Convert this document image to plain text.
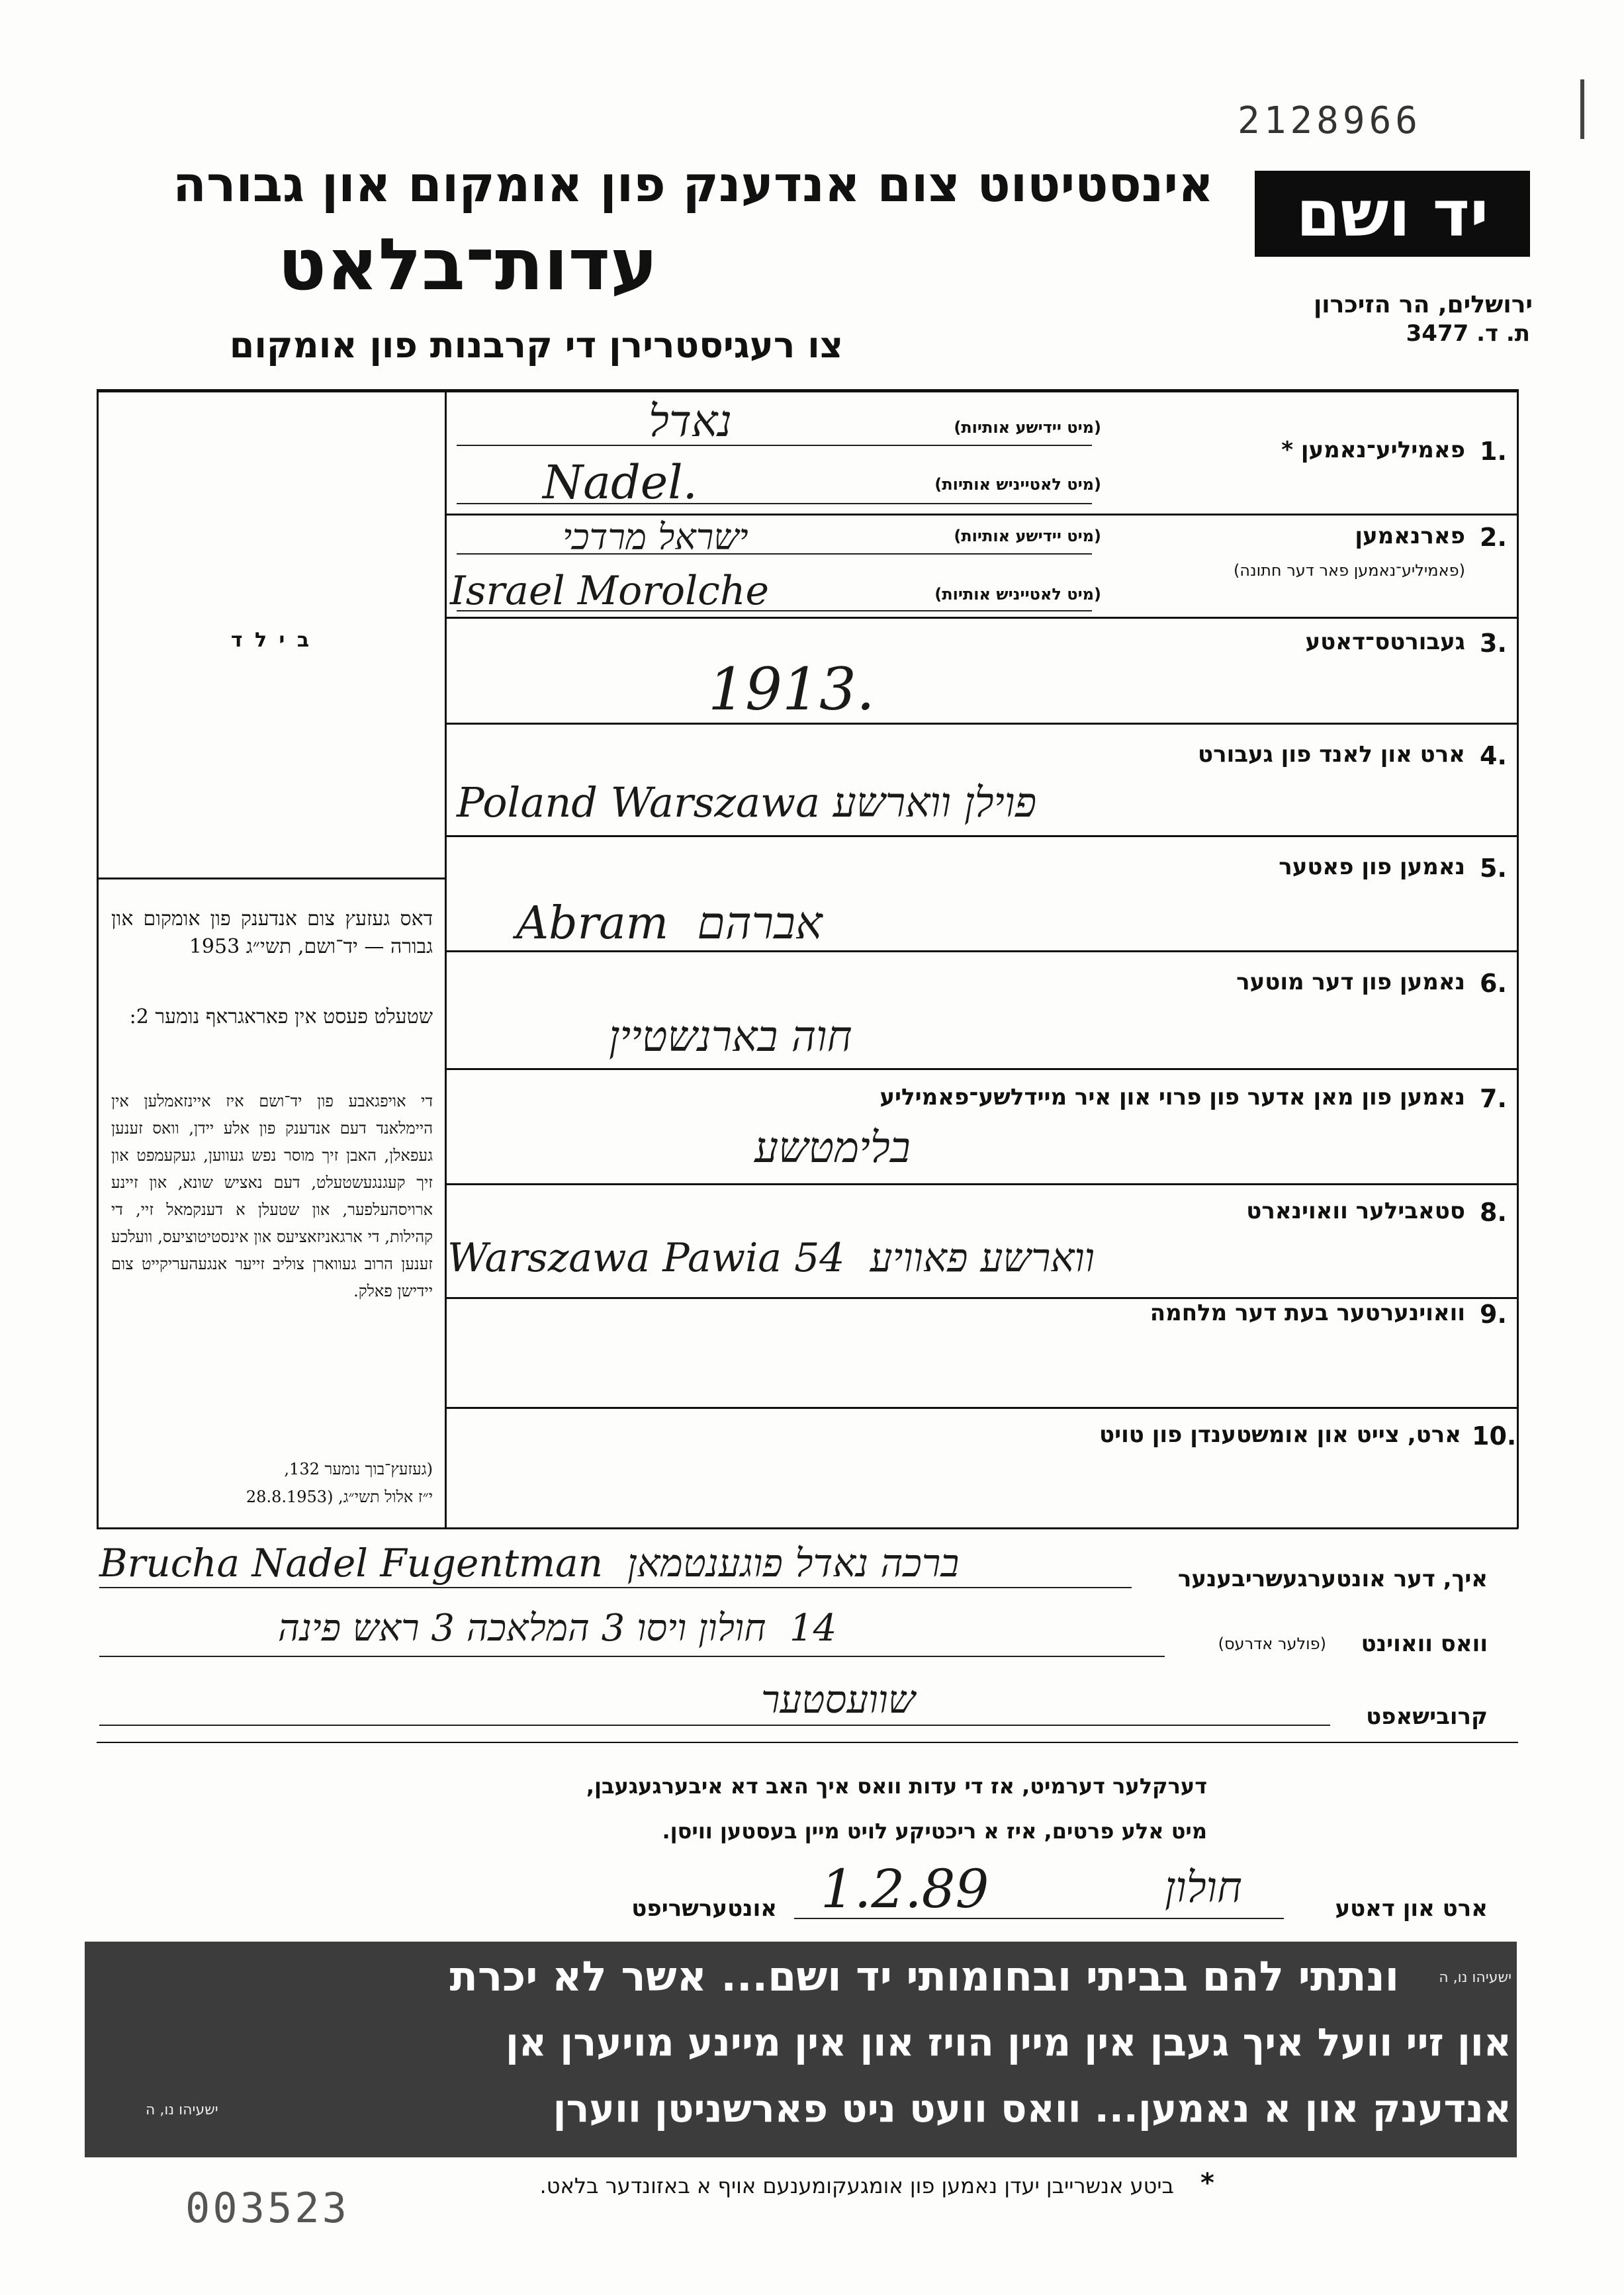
2128966
אינסטיטוט צום אנדענק פון אומקום און גבורה
עדות־בלאט
צו רעגיסטרירן די קרבנות פון אומקום
יד ושם
ירושלים, הר הזיכרון
ת. ד. 3477
ב י ל ד
דאס געזעץ צום אנדענק פון אומקום און גבורה — יד־ושם, תשי״ג 1953
שטעלט פעסט אין פאראגראף נומער 2:
די אויפגאבע פון יד־ושם איז איינזאמלען אין היימלאנד דעם אנדענק פון אלע יידן, וואס זענען געפאלן, האבן זיך מוסר נפש געווען, געקעמפט און זיך קעגנגעשטעלט, דעם נאציש שונא, און זיינע ארויסהעלפער, און שטעלן א דענקמאל זיי, די קהילות, די ארגאניזאציעס און אינסטיטוציעס, וועלכע זענען הרוב געווארן צוליב זייער אנגעהעריקייט צום יידישן פאלק.
(געזעץ־בוך נומער 132,
י״ז אלול תשי״ג, (28.8.1953
1.
פאמיליע־נאמען *
(מיט יידישע אותיות)
נאדל
(מיט לאטייניש אותיות)
Nadel.
2.
פארנאמען
(פאמיליע־נאמען פאר דער חתונה)
(מיט יידישע אותיות)
ישראל מרדכי
(מיט לאטייניש אותיות)
Israel Morolche
3.
געבורטס־דאטע
1913.
4.
ארט און לאנד פון געבורט
Poland Warszawa פוילן ווארשע
5.
נאמען פון פאטער
Abram  אברהם
6.
נאמען פון דער מוטער
חוה בארנשטיין
7.
נאמען פון מאן אדער פון פרוי און איר מיידלשע־פאמיליע
בלימטשע
8.
סטאבילער וואוינארט
Warszawa Pawia 54  ווארשע פאוויע
9.
וואוינערטער בעת דער מלחמה
10.
ארט, צייט און אומשטענדן פון טויט
איך, דער אונטערגעשריבענער
Brucha Nadel Fugentman  ברכה נאדל פוגענטמאן
וואס וואוינט
(פולער אדרעס)
14  חולון ויסו 3 המלאכה 3 ראש פינה
קרובישאפט
שוועסטער
דערקלער דערמיט, אז די עדות וואס איך האב דא איבערגעגעבן,
מיט אלע פרטים, איז א ריכטיקע לויט מיין בעסטען וויסן.
ארט און דאטע
חולון
1.2.89
אונטערשריפט
ונתתי להם בביתי ובחומותי יד ושם... אשר לא יכרת	ישעיהו נו, ה
און זיי וועל איך געבן אין מיין הויז און אין מיינע מויערן אן
אנדענק און א נאמען... וואס וועט ניט פארשניטן ווערן
ישעיהו נו, ה
*
ביטע אנשרייבן יעדן נאמען פון אומגעקומענעם אויף א באזונדער בלאט.
003523
